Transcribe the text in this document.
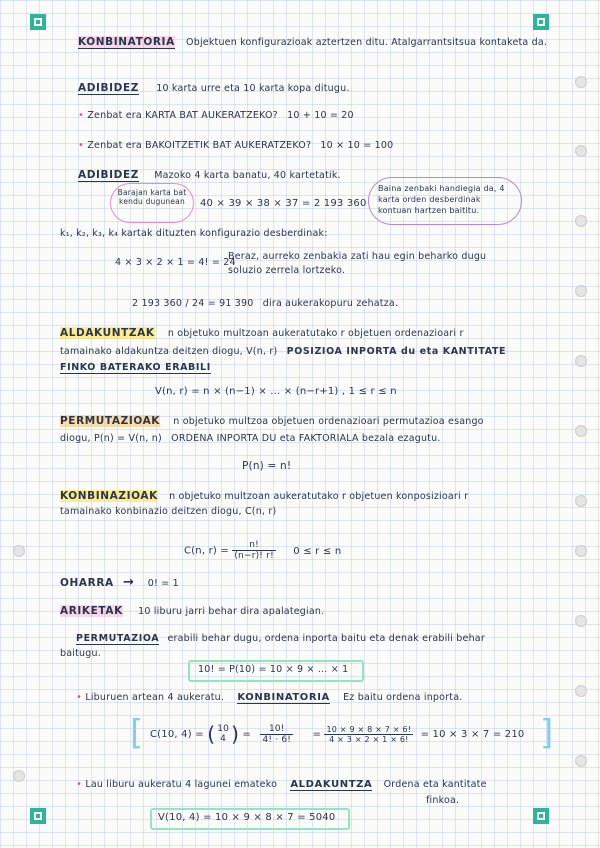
KONBINATORIA Objektuen konfigurazioak aztertzen ditu. Atalgarrantsitsua kontaketa da.
ADIBIDEZ 10 karta urre eta 10 karta kopa ditugu.
• Zenbat era KARTA BAT AUKERATZEKO? 10 + 10 = 20
• Zenbat era BAKOITZETIK BAT AUKERATZEKO? 10 × 10 = 100
ADIBIDEZ Mazoko 4 karta banatu, 40 kartetatik.
Barajan karta bat kendu dugunean	40 × 39 × 38 × 37 = 2 193 360
Baina zenbaki handiegia da, 4 karta orden desberdinak kontuan hartzen baititu.
k₁, k₂, k₃, k₄ kartak dituzten konfigurazio desberdinak:
4 × 3 × 2 × 1 = 4! = 24
Beraz, aurreko zenbakia zati hau egin beharko dugu soluzio zerrela lortzeko.
2 193 360 / 24 = 91 390 dira aukerakopuru zehatza.
ALDAKUNTZAK n objetuko multzoan aukeratutako r objetuen ordenazioari r
tamainako aldakuntza deitzen diogu, V(n, r) POSIZIOA INPORTA du eta KANTITATE
FINKO BATERAKO ERABILI
V(n, r) = n × (n−1) × ... × (n−r+1) , 1 ≤ r ≤ n
PERMUTAZIOAK n objetuko multzoa objetuen ordenazioari permutazioa esango
diogu, P(n) = V(n, n) ORDENA INPORTA DU eta FAKTORIALA bezala ezagutu.
P(n) = n!
KONBINAZIOAK n objetuko multzoan aukeratutako r objetuen konposizioari r
tamainako konbinazio deitzen diogu, C(n, r)
C(n, $r) = \frac{n!}{(n-r)! r!} 0 \le r \le n$
OHARRA → 0! = 1
ARIKETAK 10 liburu jarri behar dira apalategian.
PERMUTAZIOA erabili behar dugu, ordena inporta baitu eta denak erabili behar
baitugu.
10! = P(10) = 10 × 9 × ... × 1
• Liburuen artean 4 aukeratu. KONBINATORIA Ez baitu ordena inporta.
[	]
C(10, 4) = ( 10
4 ) = $\frac{10!}{4! \cdot 6!} = \frac{10 \times 9 \times 8 \times 7 \times 6!}{4 \times 3 \times 2 \times 1 \times 6!} = 10 \times 3 \times 7 = 210$
• Lau liburu aukeratu 4 lagunei emateko ALDAKUNTZA Ordena eta kantitate
finkoa.
V(10, 4) = 10 × 9 × 8 × 7 = 5040
